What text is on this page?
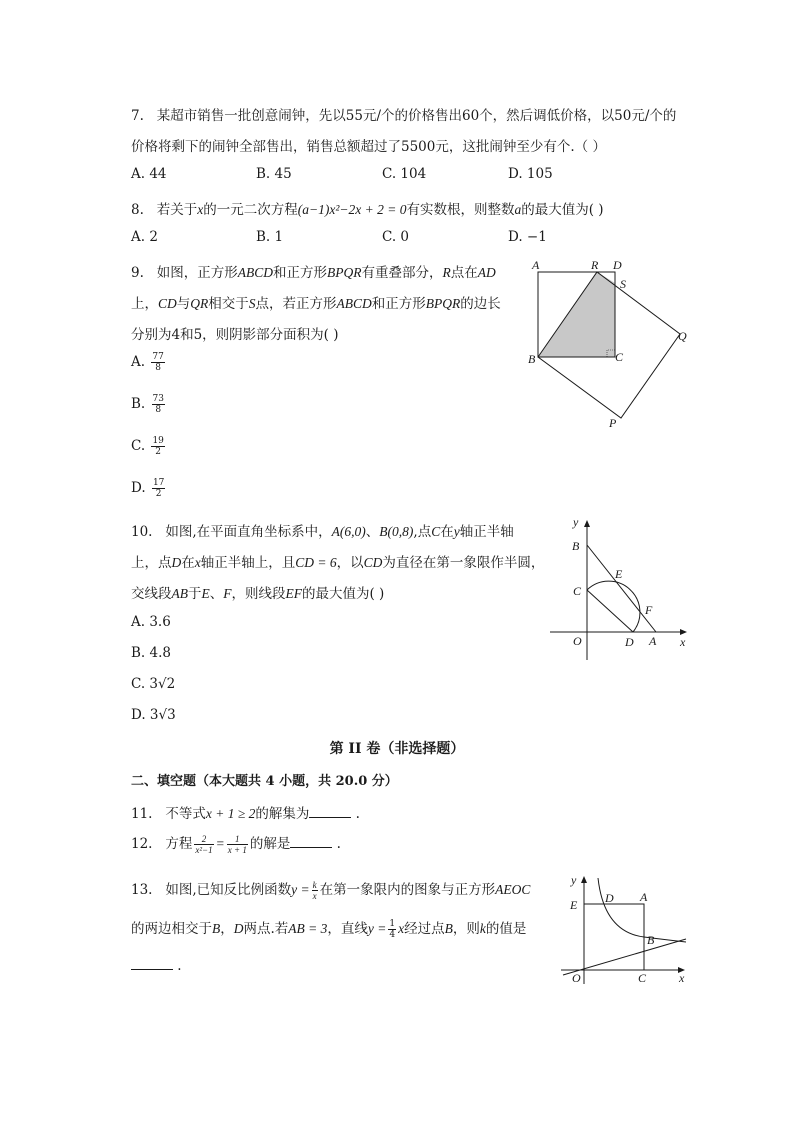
7. 某超市销售一批创意闹钟，先以55元/个的价格售出60个，然后调低价格，以50元/个的
价格将剩下的闹钟全部售出，销售总额超过了5500元，这批闹钟至少有个.（ ）
A. 44	B. 45	C. 104	D. 105
8. 若关于x的一元二次方程(a−1)x²−2x + 2 = 0有实数根，则整数a的最大值为( )
A. 2	B. 1	C. 0	D. −1
9. 如图，正方形ABCD和正方形BPQR有重叠部分，R点在AD
上，CD与QR相交于S点，若正方形ABCD和正方形BPQR的边长
分别为4和5，则阴影部分面积为( )
A. $\frac{77}{8}$
B. $\frac{73}{8}$
C. $\frac{19}{2}$
D. $\frac{17}{2}$
A	R D
S
Q
B	C
P
10. 如图,在平面直角坐标系中，A(6,0)、B(0,8),点C在y轴正半轴
上，点D在x轴正半轴上，且CD = 6，以CD为直径在第一象限作半圆，
交线段AB于E、F，则线段EF的最大值为( )
A. 3.6
B. 4.8
C. 3√2
D. 3√3
y
B
E
C
F
O	D A x
第 II 卷（非选择题）
二、填空题（本大题共 4 小题，共 20.0 分）
11. 不等式x + 1 ≥ 2的解集为	.
12. 方程 $\frac{2}{\text{x²−1}} = \frac{1}{x + 1}$ 的解是	.
13. 如图,已知反比例函数$y = \frac{k}{x}$ 在第一象限内的图象与正方形AEOC
的两边相交于B，D两点.若AB = 3，直线$y = \frac{1}{4}$ x经过点B，则k的值是
.
y
D A
E
B
O	C	x
